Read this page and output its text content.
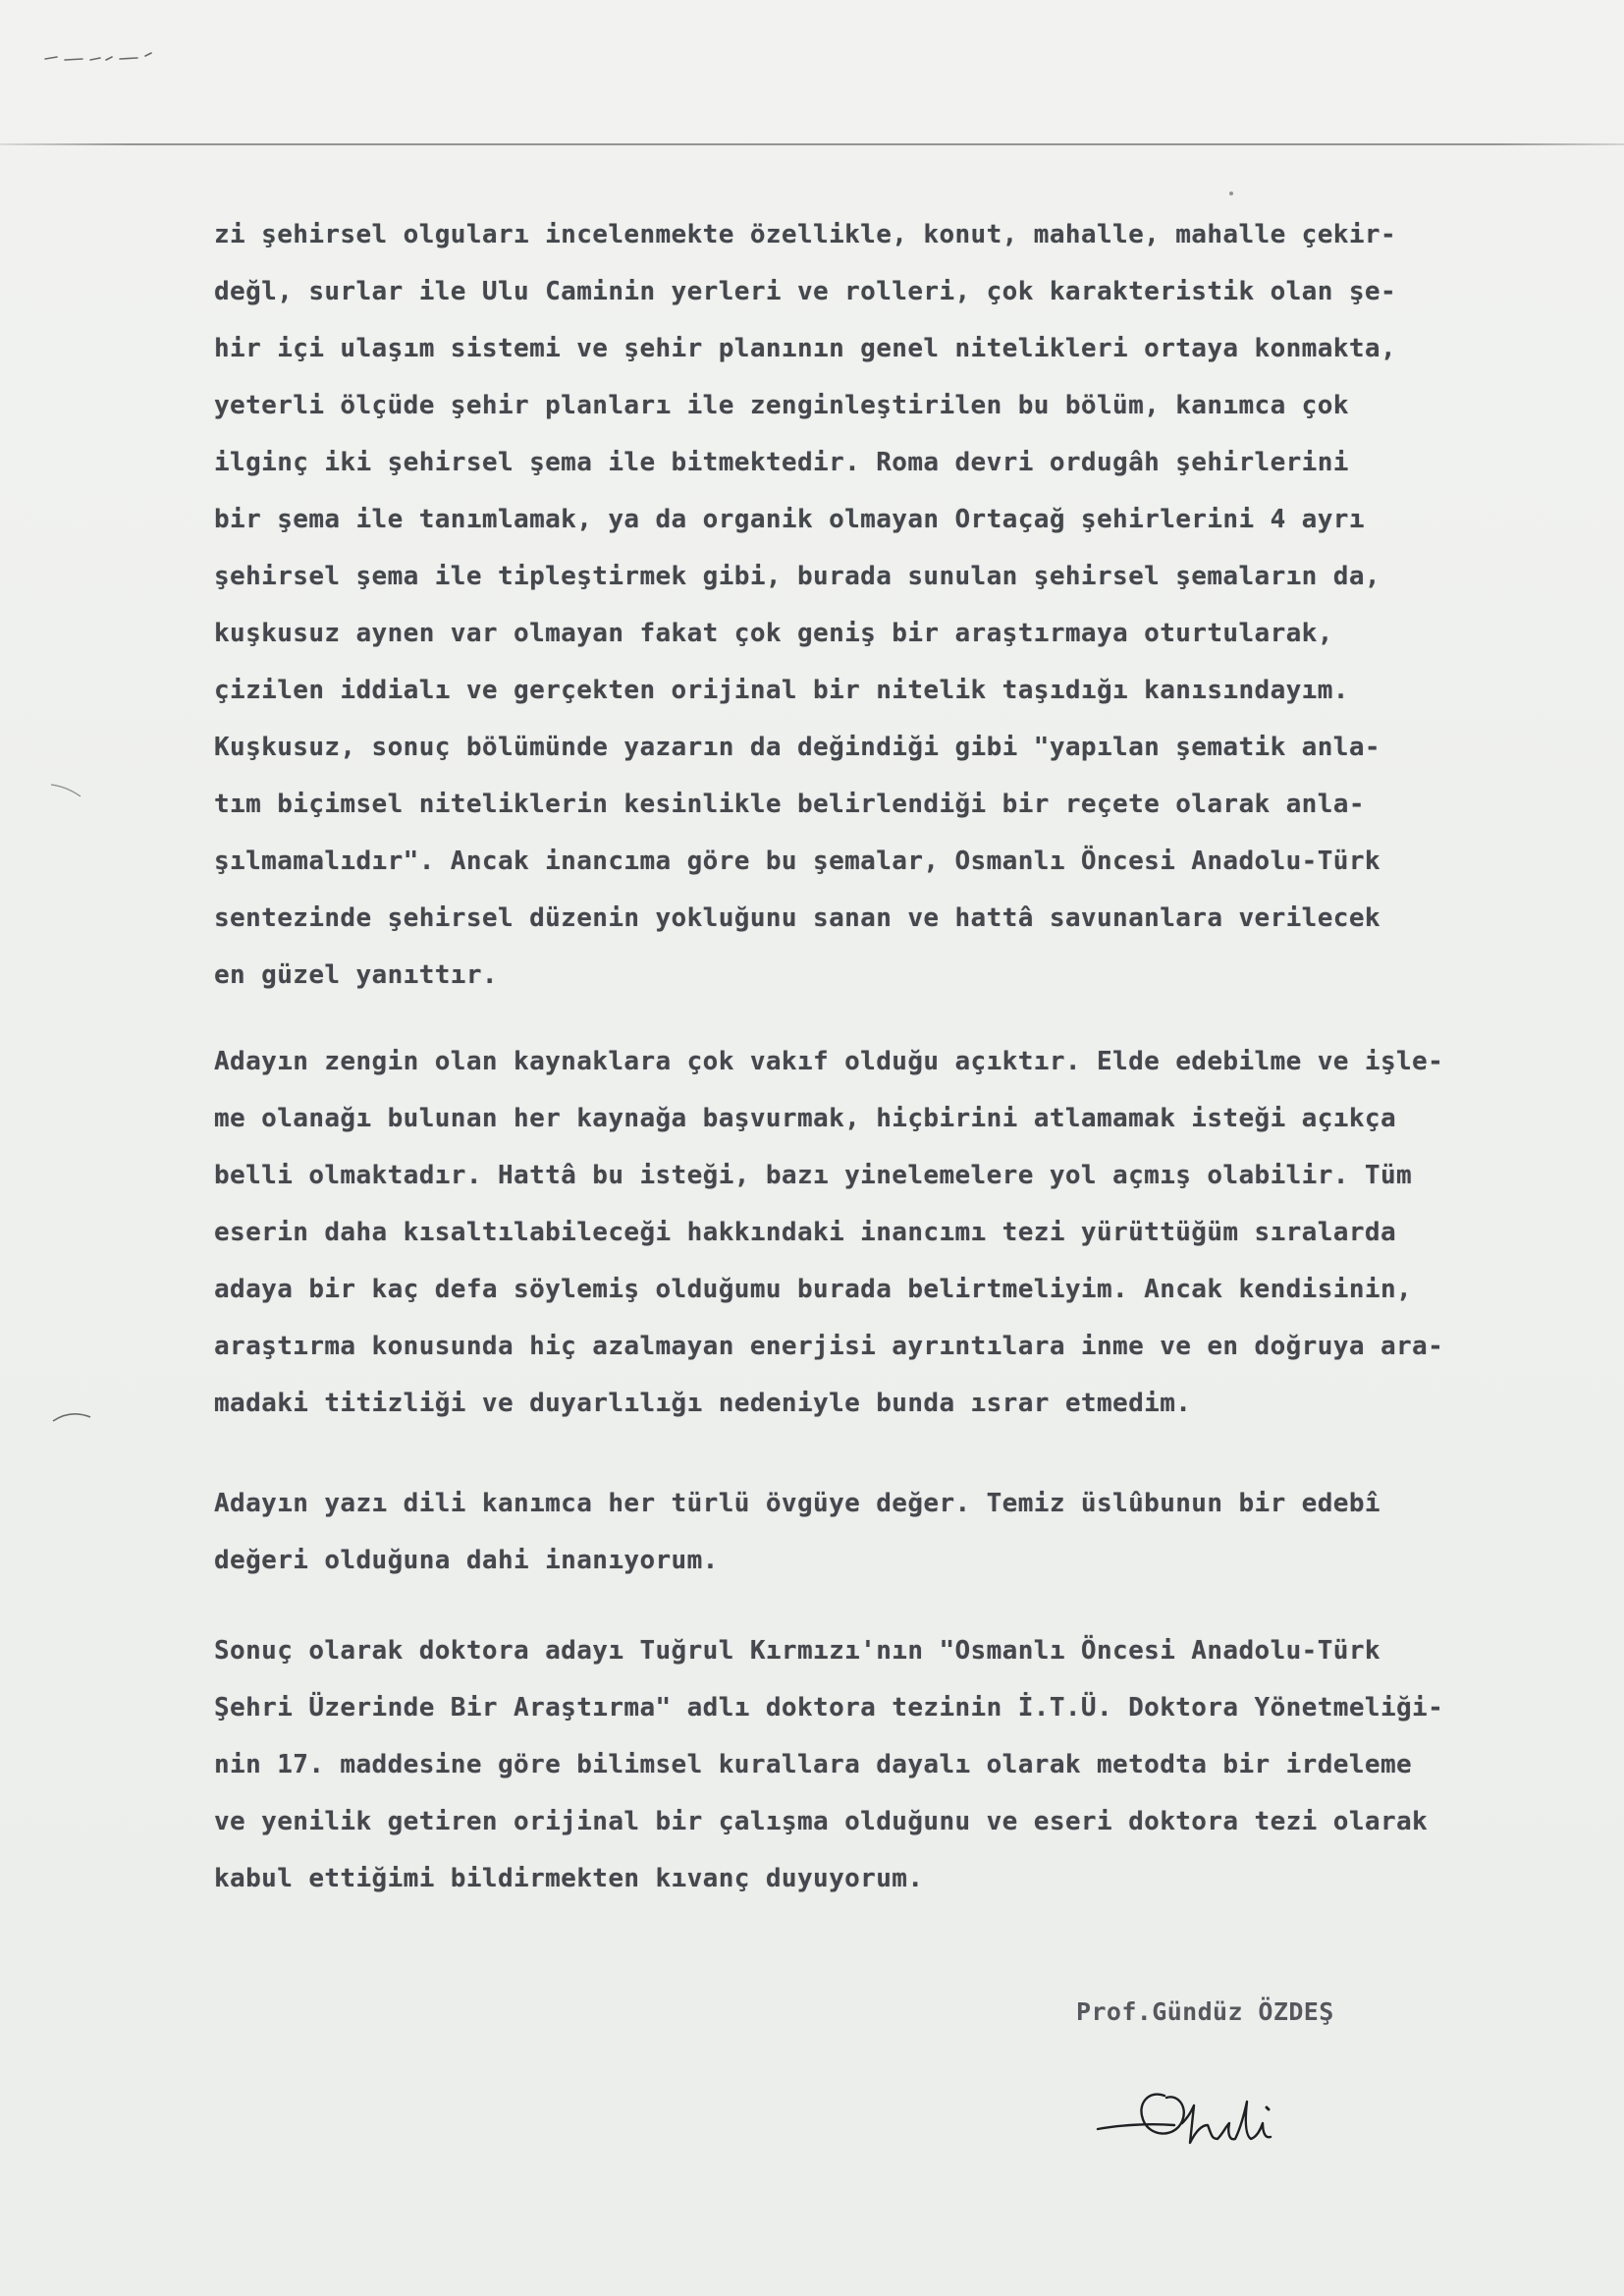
zi şehirsel olguları incelenmekte özellikle, konut, mahalle, mahalle çekir-
değl, surlar ile Ulu Caminin yerleri ve rolleri, çok karakteristik olan şe-
hir içi ulaşım sistemi ve şehir planının genel nitelikleri ortaya konmakta,
yeterli ölçüde şehir planları ile zenginleştirilen bu bölüm, kanımca çok
ilginç iki şehirsel şema ile bitmektedir. Roma devri ordugâh şehirlerini
bir şema ile tanımlamak, ya da organik olmayan Ortaçağ şehirlerini 4 ayrı
şehirsel şema ile tipleştirmek gibi, burada sunulan şehirsel şemaların da,
kuşkusuz aynen var olmayan fakat çok geniş bir araştırmaya oturtularak,
çizilen iddialı ve gerçekten orijinal bir nitelik taşıdığı kanısındayım.
Kuşkusuz, sonuç bölümünde yazarın da değindiği gibi "yapılan şematik anla-
tım biçimsel niteliklerin kesinlikle belirlendiği bir reçete olarak anla-
şılmamalıdır". Ancak inancıma göre bu şemalar, Osmanlı Öncesi Anadolu-Türk
sentezinde şehirsel düzenin yokluğunu sanan ve hattâ savunanlara verilecek
en güzel yanıttır.
Adayın zengin olan kaynaklara çok vakıf olduğu açıktır. Elde edebilme ve işle-
me olanağı bulunan her kaynağa başvurmak, hiçbirini atlamamak isteği açıkça
belli olmaktadır. Hattâ bu isteği, bazı yinelemelere yol açmış olabilir. Tüm
eserin daha kısaltılabileceği hakkındaki inancımı tezi yürüttüğüm sıralarda
adaya bir kaç defa söylemiş olduğumu burada belirtmeliyim. Ancak kendisinin,
araştırma konusunda hiç azalmayan enerjisi ayrıntılara inme ve en doğruya ara-
madaki titizliği ve duyarlılığı nedeniyle bunda ısrar etmedim.
Adayın yazı dili kanımca her türlü övgüye değer. Temiz üslûbunun bir edebî
değeri olduğuna dahi inanıyorum.
Sonuç olarak doktora adayı Tuğrul Kırmızı'nın "Osmanlı Öncesi Anadolu-Türk
Şehri Üzerinde Bir Araştırma" adlı doktora tezinin İ.T.Ü. Doktora Yönetmeliği-
nin 17. maddesine göre bilimsel kurallara dayalı olarak metodta bir irdeleme
ve yenilik getiren orijinal bir çalışma olduğunu ve eseri doktora tezi olarak
kabul ettiğimi bildirmekten kıvanç duyuyorum.
Prof.Gündüz ÖZDEŞ
